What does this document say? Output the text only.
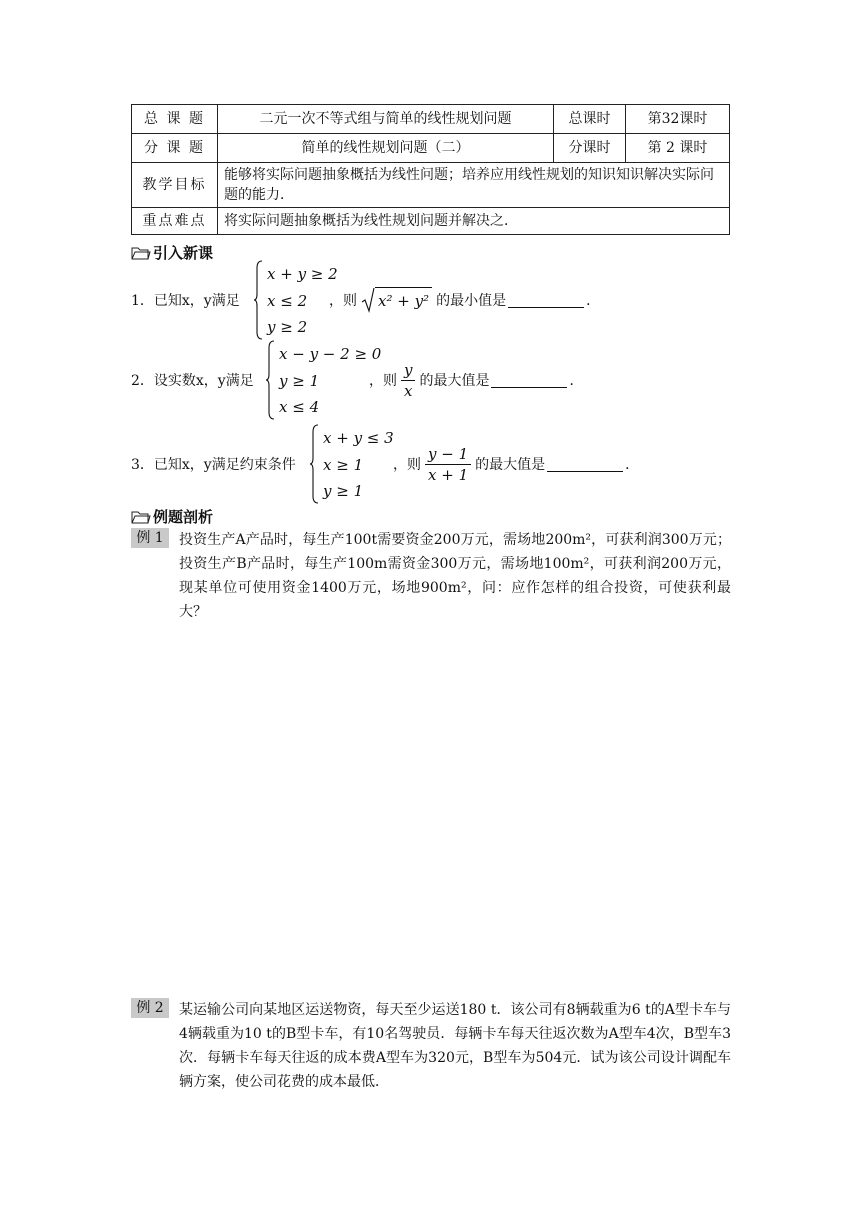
总 课 题	二元一次不等式组与简单的线性规划问题	总课时	第32课时
分 课 题	简单的线性规划问题（二）	分课时	第 2 课时
教学目标	能够将实际问题抽象概括为线性问题；培养应用线性规划的知识知识解决实际问题的能力．		
重点难点	将实际问题抽象概括为线性规划问题并解决之．		
引入新课
1．已知x，y满足
x + y ≥ 2
x ≤ 2
y ≥ 2
，则 x² + y² 的最小值是	．
2．设实数x，y满足
x − y − 2 ≥ 0
y ≥ 1
x ≤ 4
，则 $\frac{y}{x}$ 的最大值是	．
3．已知x，y满足约束条件
x + y ≤ 3
x ≥ 1
y ≥ 1
，则 $\frac{y - 1}{x + 1}$ 的最大值是	．
例题剖析
例 1	投资生产A产品时，每生产100t需要资金200万元，需场地200m²，可获利润300万元；投资生产B产品时，每生产100m需资金300万元，需场地100m²，可获利润200万元，现某单位可使用资金1400万元，场地900m²，问：应作怎样的组合投资，可使获利最大？
例 2	某运输公司向某地区运送物资，每天至少运送180 t．该公司有8辆载重为6 t的A型卡车与4辆载重为10 t的B型卡车，有10名驾驶员．每辆卡车每天往返次数为A型车4次，B型车3次．每辆卡车每天往返的成本费A型车为320元，B型车为504元．试为该公司设计调配车辆方案，使公司花费的成本最低．
